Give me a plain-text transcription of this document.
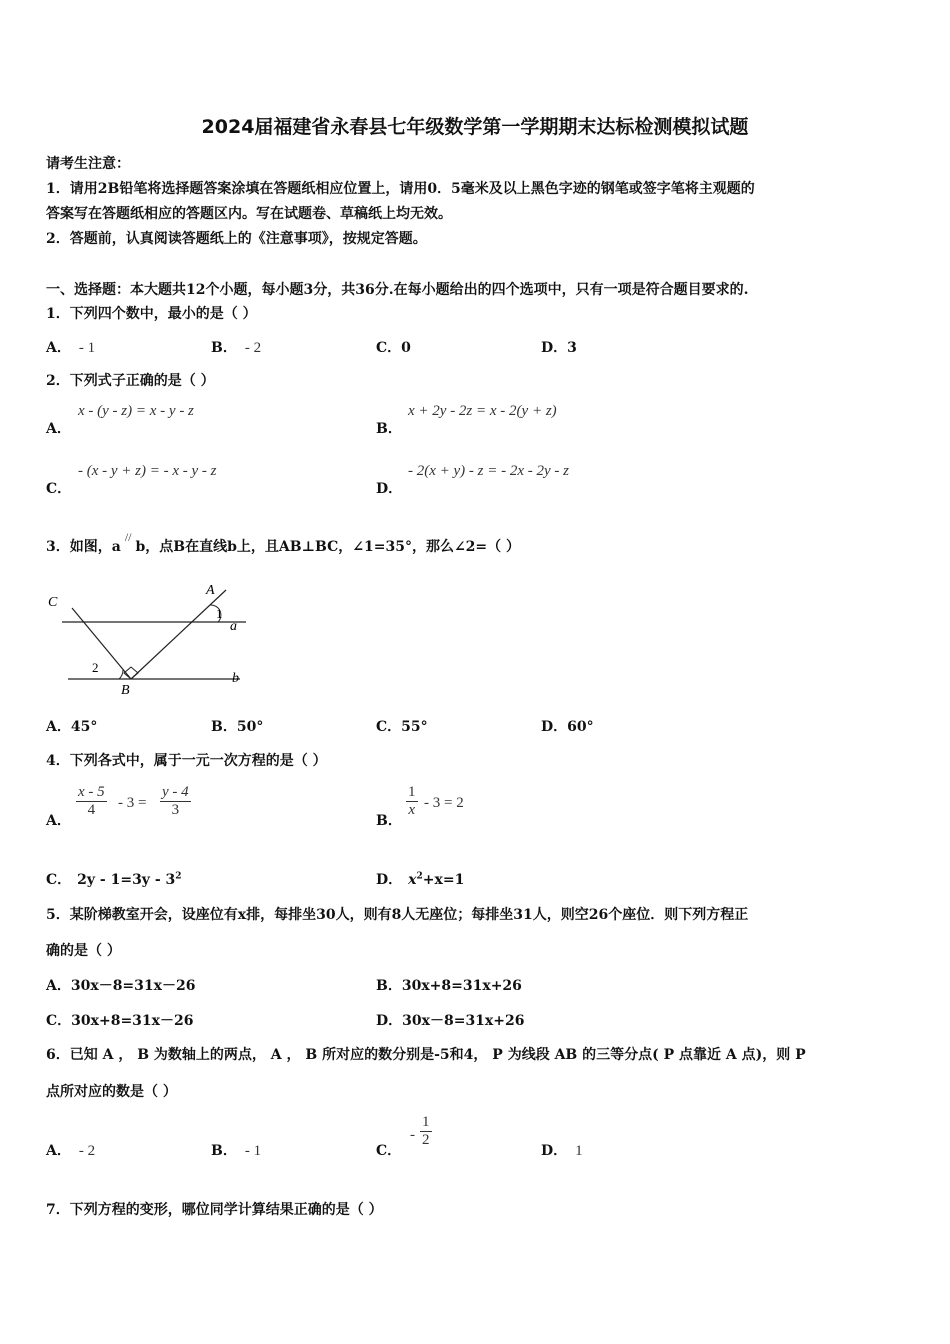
2024届福建省永春县七年级数学第一学期期末达标检测模拟试题
请考生注意：
1．请用2B铅笔将选择题答案涂填在答题纸相应位置上，请用0．5毫米及以上黑色字迹的钢笔或签字笔将主观题的
答案写在答题纸相应的答题区内。写在试题卷、草稿纸上均无效。
2．答题前，认真阅读答题纸上的《注意事项》，按规定答题。
一、选择题：本大题共12个小题，每小题3分，共36分.在每小题给出的四个选项中，只有一项是符合题目要求的.
1．下列四个数中，最小的是（ ）
A． - 1	B． - 2	C．0	D．3
2．下列式子正确的是（ ）
A．
x - (y - z) = x - y - z
B．
x + 2y - 2z = x - 2(y + z)
C．
- (x - y + z) = - x - y - z
D．
- 2(x + y) - z = - 2x - 2y - z
3．如图，a//b，点B在直线b上，且AB⊥BC，∠1=35°，那么∠2=（ ）
C
A
1
a
2
B
b
A．45°	B．50°	C．55°	D．60°
4．下列各式中，属于一元一次方程的是（ ）
A．
$\frac{x - 5}{4} - 3 = \frac{y - 4}{3}$
B．
$\frac{1}{x} - 3 = 2$
C． $2y - 1=3y - 3^2$	D． $x^2+x=1$
5．某阶梯教室开会，设座位有x排，每排坐30人，则有8人无座位；每排坐31人，则空26个座位．则下列方程正
确的是（ ）
A．30x－8=31x－26	B．30x+8=31x+26
C．30x+8=31x－26	D．30x－8=31x+26
6．已知 A ， B 为数轴上的两点， A ， B 所对应的数分别是-5和4， P 为线段 AB 的三等分点( P 点靠近 A 点)，则 P
点所对应的数是（ ）
A． - 2	B． - 1	C．
- $\frac{1}{2}$
D． 1
7．下列方程的变形，哪位同学计算结果正确的是（ ）
